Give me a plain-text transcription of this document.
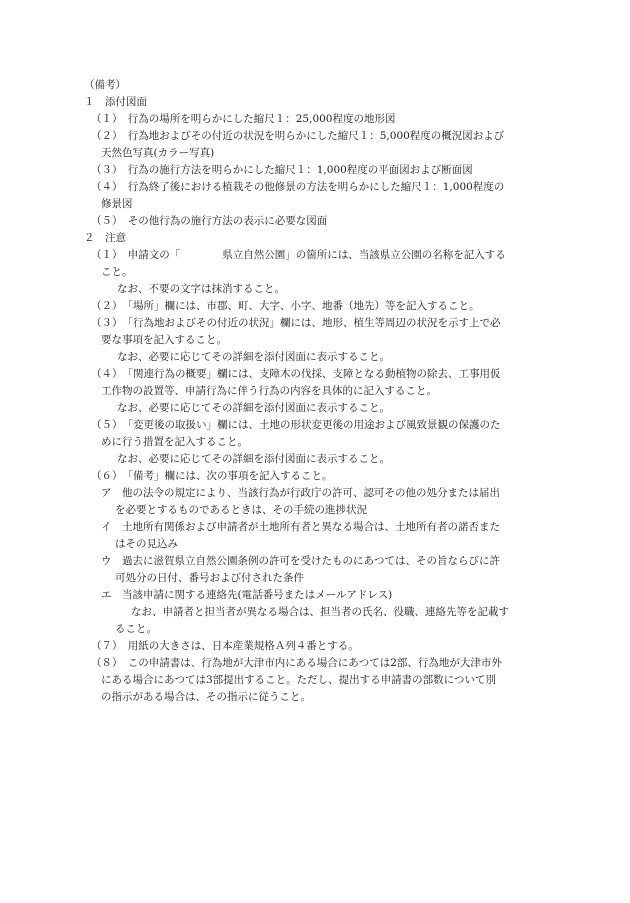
（備考）
１　添付図面
（１）　行為の場所を明らかにした縮尺１：25,000程度の地形図
（２）　行為地およびその付近の状況を明らかにした縮尺１：5,000程度の概況図および
天然色写真(カラー写真)
（３）　行為の施行方法を明らかにした縮尺１：1,000程度の平面図および断面図
（４）　行為終了後における植栽その他修景の方法を明らかにした縮尺１：1,000程度の
修景図
（５）　その他行為の施行方法の表示に必要な図面
２　注意
（１）　申請文の「　　　　県立自然公園」の箇所には、当該県立公園の名称を記入する
こと。
なお、不要の文字は抹消すること。
（２）　「場所」欄には、市郡、町、大字、小字、地番（地先）等を記入すること。
（３）　「行為地およびその付近の状況」欄には、地形、植生等周辺の状況を示す上で必
要な事項を記入すること。
なお、必要に応じてその詳細を添付図面に表示すること。
（４）　「関連行為の概要」欄には、支障木の伐採、支障となる動植物の除去、工事用仮
工作物の設置等、申請行為に伴う行為の内容を具体的に記入すること。
なお、必要に応じてその詳細を添付図面に表示すること。
（５）　「変更後の取扱い」欄には、土地の形状変更後の用途および風致景観の保護のた
めに行う措置を記入すること。
なお、必要に応じてその詳細を添付図面に表示すること。
（６）　「備考」欄には、次の事項を記入すること。
ア　他の法令の規定により、当該行為が行政庁の許可、認可その他の処分または届出
を必要とするものであるときは、その手続の進捗状況
イ　土地所有関係および申請者が土地所有者と異なる場合は、土地所有者の諾否また
はその見込み
ウ　過去に滋賀県立自然公園条例の許可を受けたものにあつては、その旨ならびに許
可処分の日付、番号および付された条件
エ　当該申請に関する連絡先(電話番号またはメールアドレス)
なお、申請者と担当者が異なる場合は、担当者の氏名、役職、連絡先等を記載す
ること。
（７）　用紙の大きさは、日本産業規格Ａ列４番とする。
（８）　この申請書は、行為地が大津市内にある場合にあつては2部、行為地が大津市外
にある場合にあつては3部提出すること。ただし、提出する申請書の部数について別
の指示がある場合は、その指示に従うこと。
